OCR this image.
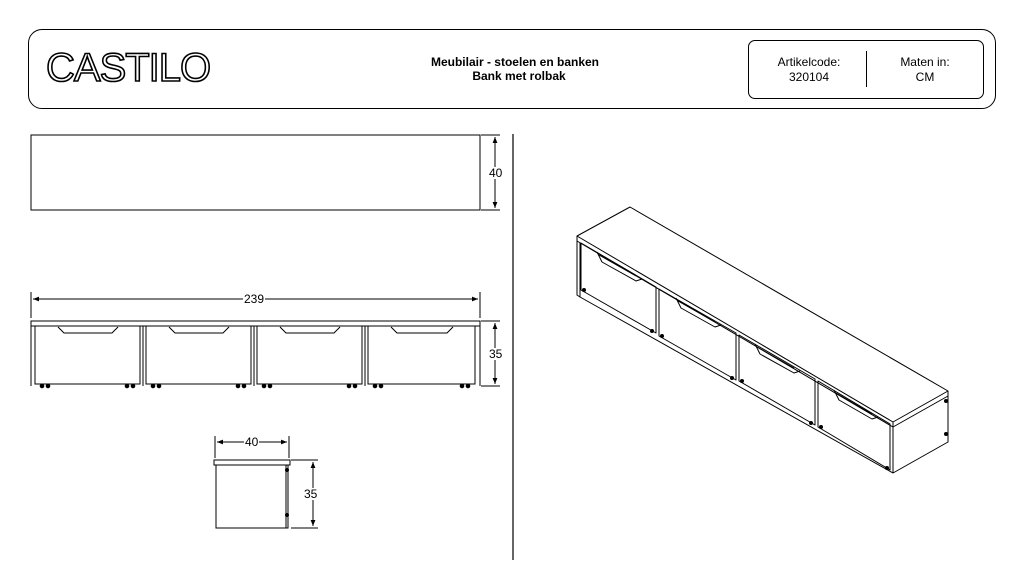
CASTILO	Meubilair - stoelen en banken
Bank met rolbak
Artikelcode:
320104
Maten in:
CM
40
239
35
40
35
